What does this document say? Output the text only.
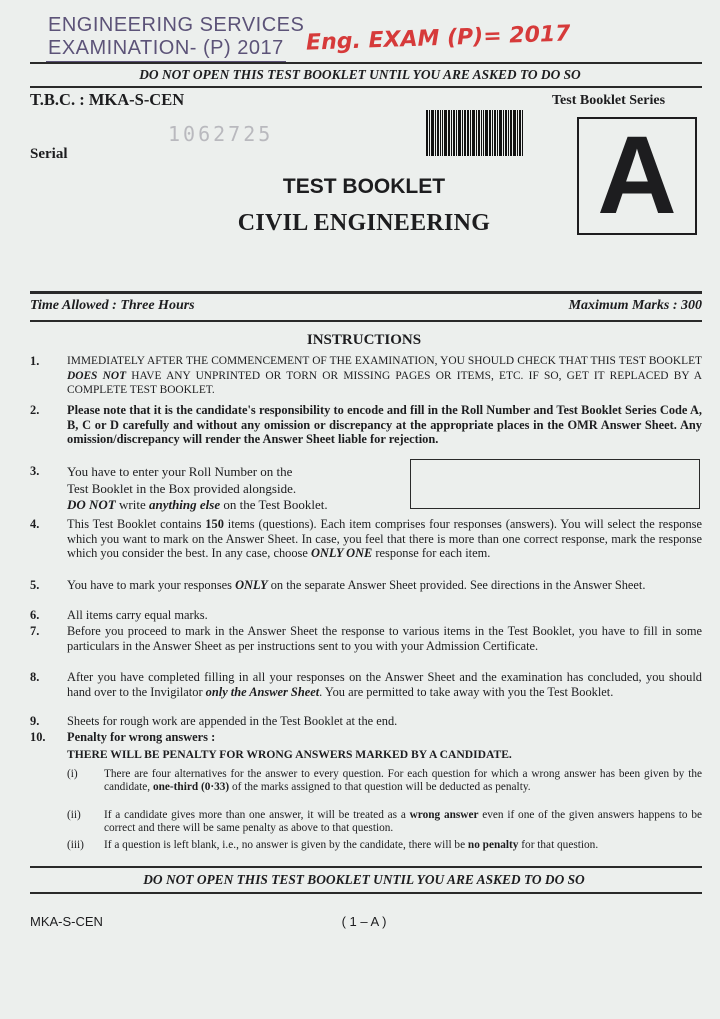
ENGINEERING SERVICES
EXAMINATION- (P) 2017 Eng. EXAM (P)= 2017
DO NOT OPEN THIS TEST BOOKLET UNTIL YOU ARE ASKED TO DO SO
T.B.C. : MKA-S-CEN	Test Booklet Series
1062725
Serial	A
TEST BOOKLET
CIVIL ENGINEERING
Time Allowed : Three Hours	Maximum Marks : 300
INSTRUCTIONS
1. IMMEDIATELY AFTER THE COMMENCEMENT OF THE EXAMINATION, YOU SHOULD CHECK THAT THIS TEST BOOKLET DOES NOT HAVE ANY UNPRINTED OR TORN OR MISSING PAGES OR ITEMS, ETC. IF SO, GET IT REPLACED BY A COMPLETE TEST BOOKLET.
2. Please note that it is the candidate's responsibility to encode and fill in the Roll Number and Test Booklet Series Code A, B, C or D carefully and without any omission or discrepancy at the appropriate places in the OMR Answer Sheet. Any omission/discrepancy will render the Answer Sheet liable for rejection.
3. You have to enter your Roll Number on the
Test Booklet in the Box provided alongside.
DO NOT write anything else on the Test Booklet.
4. This Test Booklet contains 150 items (questions). Each item comprises four responses (answers). You will select the response which you want to mark on the Answer Sheet. In case, you feel that there is more than one correct response, mark the response which you consider the best. In any case, choose ONLY ONE response for each item.
5. You have to mark your responses ONLY on the separate Answer Sheet provided. See directions in the Answer Sheet.
6. All items carry equal marks.
7. Before you proceed to mark in the Answer Sheet the response to various items in the Test Booklet, you have to fill in some particulars in the Answer Sheet as per instructions sent to you with your Admission Certificate.
8. After you have completed filling in all your responses on the Answer Sheet and the examination has concluded, you should hand over to the Invigilator only the Answer Sheet. You are permitted to take away with you the Test Booklet.
9. Sheets for rough work are appended in the Test Booklet at the end.
10. Penalty for wrong answers :
THERE WILL BE PENALTY FOR WRONG ANSWERS MARKED BY A CANDIDATE.
(i) There are four alternatives for the answer to every question. For each question for which a wrong answer has been given by the candidate, one-third (0·33) of the marks assigned to that question will be deducted as penalty.
(ii) If a candidate gives more than one answer, it will be treated as a wrong answer even if one of the given answers happens to be correct and there will be same penalty as above to that question.
(iii) If a question is left blank, i.e., no answer is given by the candidate, there will be no penalty for that question.
DO NOT OPEN THIS TEST BOOKLET UNTIL YOU ARE ASKED TO DO SO
MKA-S-CEN	( 1 – A )
